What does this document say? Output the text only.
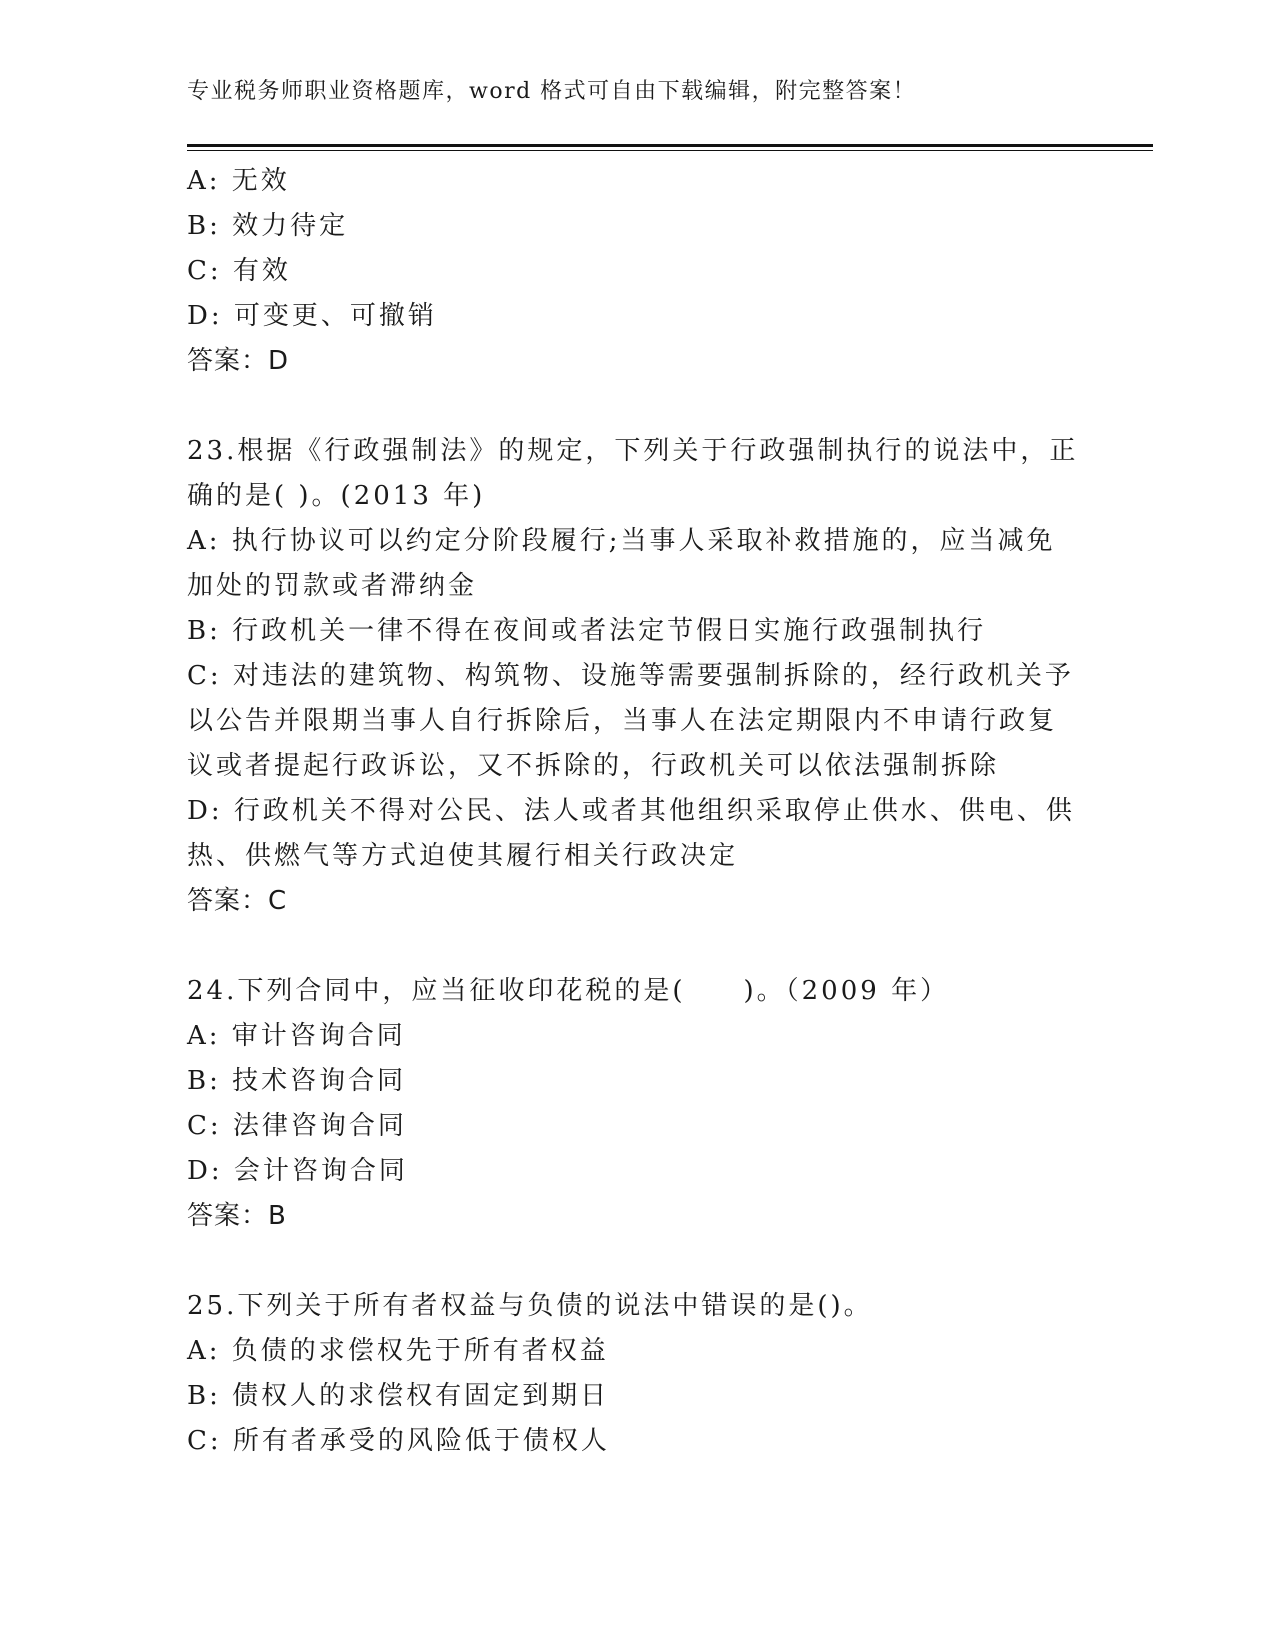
专业税务师职业资格题库，word 格式可自由下载编辑，附完整答案！
A: 无效
B: 效力待定
C: 有效
D: 可变更、可撤销
答案：D
23.根据《行政强制法》的规定，下列关于行政强制执行的说法中，正
确的是( )。(2013 年)
A: 执行协议可以约定分阶段履行;当事人采取补救措施的，应当减免
加处的罚款或者滞纳金
B: 行政机关一律不得在夜间或者法定节假日实施行政强制执行
C: 对违法的建筑物、构筑物、设施等需要强制拆除的，经行政机关予
以公告并限期当事人自行拆除后，当事人在法定期限内不申请行政复
议或者提起行政诉讼，又不拆除的，行政机关可以依法强制拆除
D: 行政机关不得对公民、法人或者其他组织采取停止供水、供电、供
热、供燃气等方式迫使其履行相关行政决定
答案：C
24.下列合同中，应当征收印花税的是(　　)。（2009 年）
A: 审计咨询合同
B: 技术咨询合同
C: 法律咨询合同
D: 会计咨询合同
答案：B
25.下列关于所有者权益与负债的说法中错误的是()。
A: 负债的求偿权先于所有者权益
B: 债权人的求偿权有固定到期日
C: 所有者承受的风险低于债权人
